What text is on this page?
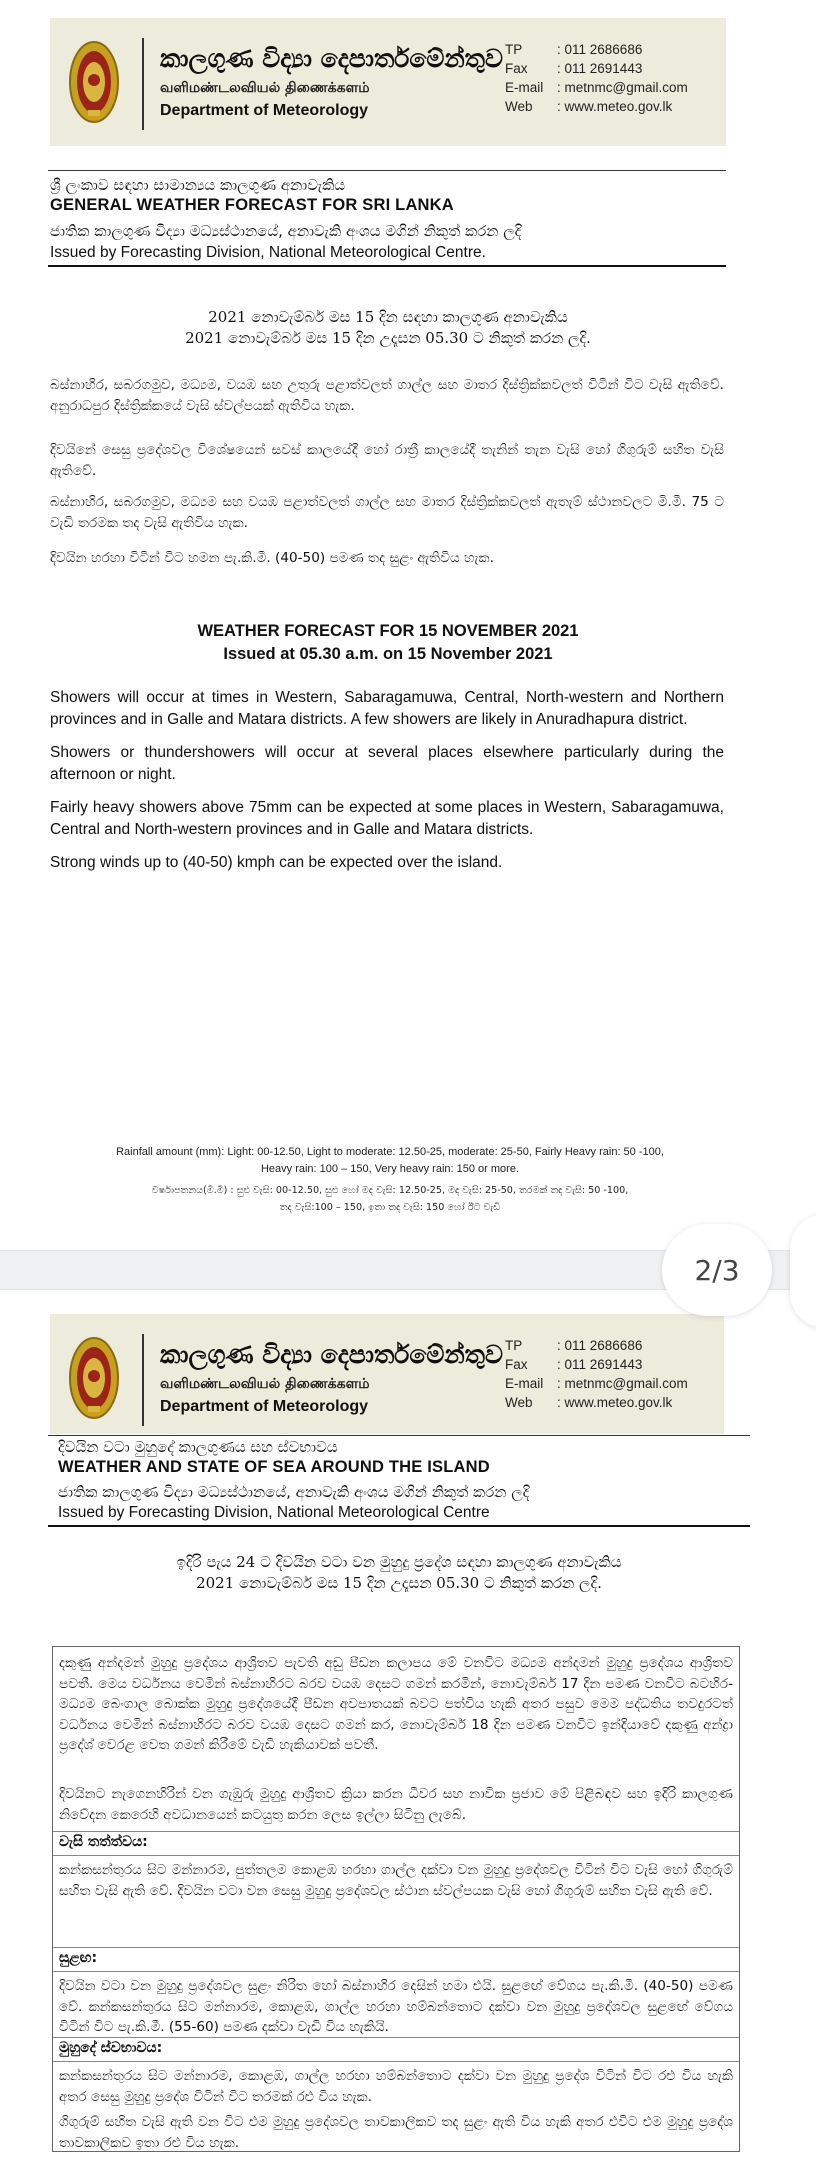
කාලගුණ විද්‍යා දෙපාර්තමේන්තුව
வளிமண்டலவியல் திணைக்களம்
Department of Meteorology
TP	: 011 2686686
Fax	: 011 2691443
E-mail	: metnmc@gmail.com
Web	: www.meteo.gov.lk
ශ්‍රී ලංකාව සඳහා සාමාන්‍යය කාලගුණ අනාවැකිය
GENERAL WEATHER FORECAST FOR SRI LANKA
ජාතික කාලගුණ විද්‍යා මධ්‍යස්ථානයේ, අනාවැකි අංශය මගින් නිකුත් කරන ලදි
Issued by Forecasting Division, National Meteorological Centre.
2021 නොවැම්බර් මස 15 දින සඳහා කාලගුණ අනාවැකිය
2021 නොවැම්බර් මස 15 දින උදෑසන 05.30 ට නිකුත් කරන ලදි.
බස්නාහිර, සබරගමුව, මධ්‍යම, වයඹ සහ උතුරු පළාත්වලත් ගාල්ල සහ මාතර දිස්ත්‍රික්කවලත් විටින් විට වැසි ඇතිවේ. අනුරාධපුර දිස්ත්‍රික්කයේ වැසි ස්වල්පයක් ඇතිවිය හැක.
දිවයිනේ සෙසු ප්‍රදේශවල විශේෂයෙන් සවස් කාලයේදී හෝ රාත්‍රී කාලයේදී තැනින් තැන වැසි හෝ ගිගුරුම් සහිත වැසි ඇතිවේ.
බස්නාහිර, සබරගමුව, මධ්‍යම සහ වයඹ පළාත්වලත් ගාල්ල සහ මාතර දිස්ත්‍රික්කවලත් ඇතැම් ස්ථානවලට මි.මී. 75 ට වැඩි තරමක තද වැසි ඇතිවිය හැක.
දිවයින හරහා විටින් විට හමන පැ.කි.මී. (40-50) පමණ තද සුළං ඇතිවිය හැක.
WEATHER FORECAST FOR 15 NOVEMBER 2021
Issued at 05.30 a.m. on 15 November 2021
Showers will occur at times in Western, Sabaragamuwa, Central, North-western and Northern provinces and in Galle and Matara districts. A few showers are likely in Anuradhapura district.
Showers or thundershowers will occur at several places elsewhere particularly during the afternoon or night.
Fairly heavy showers above 75mm can be expected at some places in Western, Sabaragamuwa, Central and North-western provinces and in Galle and Matara districts.
Strong winds up to (40-50) kmph can be expected over the island.
Rainfall amount (mm): Light: 00-12.50, Light to moderate: 12.50-25, moderate: 25-50, Fairly Heavy rain: 50 -100,
Heavy rain: 100 – 150, Very heavy rain: 150 or more.
වර්ෂාපතනය(මි.මී) : සුළු වැසි: 00-12.50, සුළු හෝ මද වැසි: 12.50-25, මද වැසි: 25-50, තරමක් තද වැසි: 50 -100,
තද වැසි:100 – 150, ඉතා තද වැසි: 150 හෝ ඊට වැඩි
2/3
කාලගුණ විද්‍යා දෙපාර්තමේන්තුව
வளிமண்டலவியல் திணைக்களம்
Department of Meteorology
TP	: 011 2686686
Fax	: 011 2691443
E-mail	: metnmc@gmail.com
Web	: www.meteo.gov.lk
දිවයින වටා මුහුදේ කාලගුණය සහ ස්වභාවය
WEATHER AND STATE OF SEA AROUND THE ISLAND
ජාතික කාලගුණ විද්‍යා මධ්‍යස්ථානයේ, අනාවැකි අංශය මගින් නිකුත් කරන ලදි
Issued by Forecasting Division, National Meteorological Centre
ඉදිරි පැය 24 ට දිවයින වටා වන මුහුදු ප්‍රදේශ සඳහා කාලගුණ අනාවැකිය
2021 නොවැම්බර් මස 15 දින උදෑසන 05.30 ට නිකුත් කරන ලදි.
දකුණු අන්දමන් මුහුදු ප්‍රදේශය ආශ්‍රිතව පැවති අඩු පීඩන කලාපය මේ වනවිට මධ්‍යම අන්දමන් මුහුදු ප්‍රදේශය ආශ්‍රිතව පවතී. මෙය වර්ධනය වෙමින් බස්නාහිරට බරව වයඹ දෙසට ගමන් කරමින්, නොවැම්බර් 17 දින පමණ වනවිට බටහිර-මධ්‍යම බෙංගාල බොක්ක මුහුදු ප්‍රදේශයේදී පීඩන අවපාතයක් බවට පත්විය හැකි අතර පසුව මෙම පද්ධතිය තවදුරටත් වර්ධනය වෙමින් බස්නාහිරට බරව වයඹ දෙසට ගමන් කර, නොවැම්බර් 18 දින පමණ වනවිට ඉන්දියාවේ දකුණු අන්ද්‍රා ප්‍රදේශ් වෙරළ වෙත ගමන් කිරීමේ වැඩි හැකියාවක් පවතී.
දිවයිනට නැගෙනහිරින් වන ගැඹුරු මුහුදු ආශ්‍රිතව ක්‍රියා කරන ධීවර සහ නාවික ප්‍රජාව මේ පිළිබඳව සහ ඉදිරි කාලගුණ නිවේදන කෙරෙහි අවධානයෙන් කටයුතු කරන ලෙස ඉල්ලා සිටිනු ලැබේ.
වැසි තත්ත්වය:
කන්කසන්තුරය සිට මන්නාරම, පුත්තලම කොළඹ හරහා ගාල්ල දක්වා වන මුහුදු ප්‍රදේශවල විටින් විට වැසි හෝ ගිගුරුම් සහිත වැසි ඇති වේ. දිවයින වටා වන සෙසු මුහුදු ප්‍රදේශවල ස්ථාන ස්වල්පයක වැසි හෝ ගිගුරුම් සහිත වැසි ඇති වේ.
සුළඟ:
දිවයින වටා වන මුහුදු ප්‍රදේශවල සුළං නිරිත හෝ බස්නාහිර දෙසින් හමා එයි. සුළඟේ වේගය පැ.කි.මී. (40-50) පමණ වේ. කන්කසන්තුරය සිට මන්නාරම, කොළඹ, ගාල්ල හරහා හම්බන්තොට දක්වා වන මුහුදු ප්‍රදේශවල සුළඟේ වේගය විටින් විට පැ.කි.මී. (55-60) පමණ දක්වා වැඩි විය හැකියි.
මුහුදේ ස්වභාවය:
කන්කසන්තුරය සිට මන්නාරම, කොළඹ, ගාල්ල හරහා හම්බන්තොට දක්වා වන මුහුදු ප්‍රදේශ විටින් විට රළු විය හැකි අතර සෙසු මුහුදු ප්‍රදේශ විටින් විට තරමක් රළු විය හැක.
ගිගුරුම් සහිත වැසි ඇති වන විට එම මුහුදු ප්‍රදේශවල තාවකාලිකව තද සුළං ඇති විය හැකි අතර එවිට එම මුහුදු ප්‍රදේශ තාවකාලිකව ඉතා රළු විය හැක.
